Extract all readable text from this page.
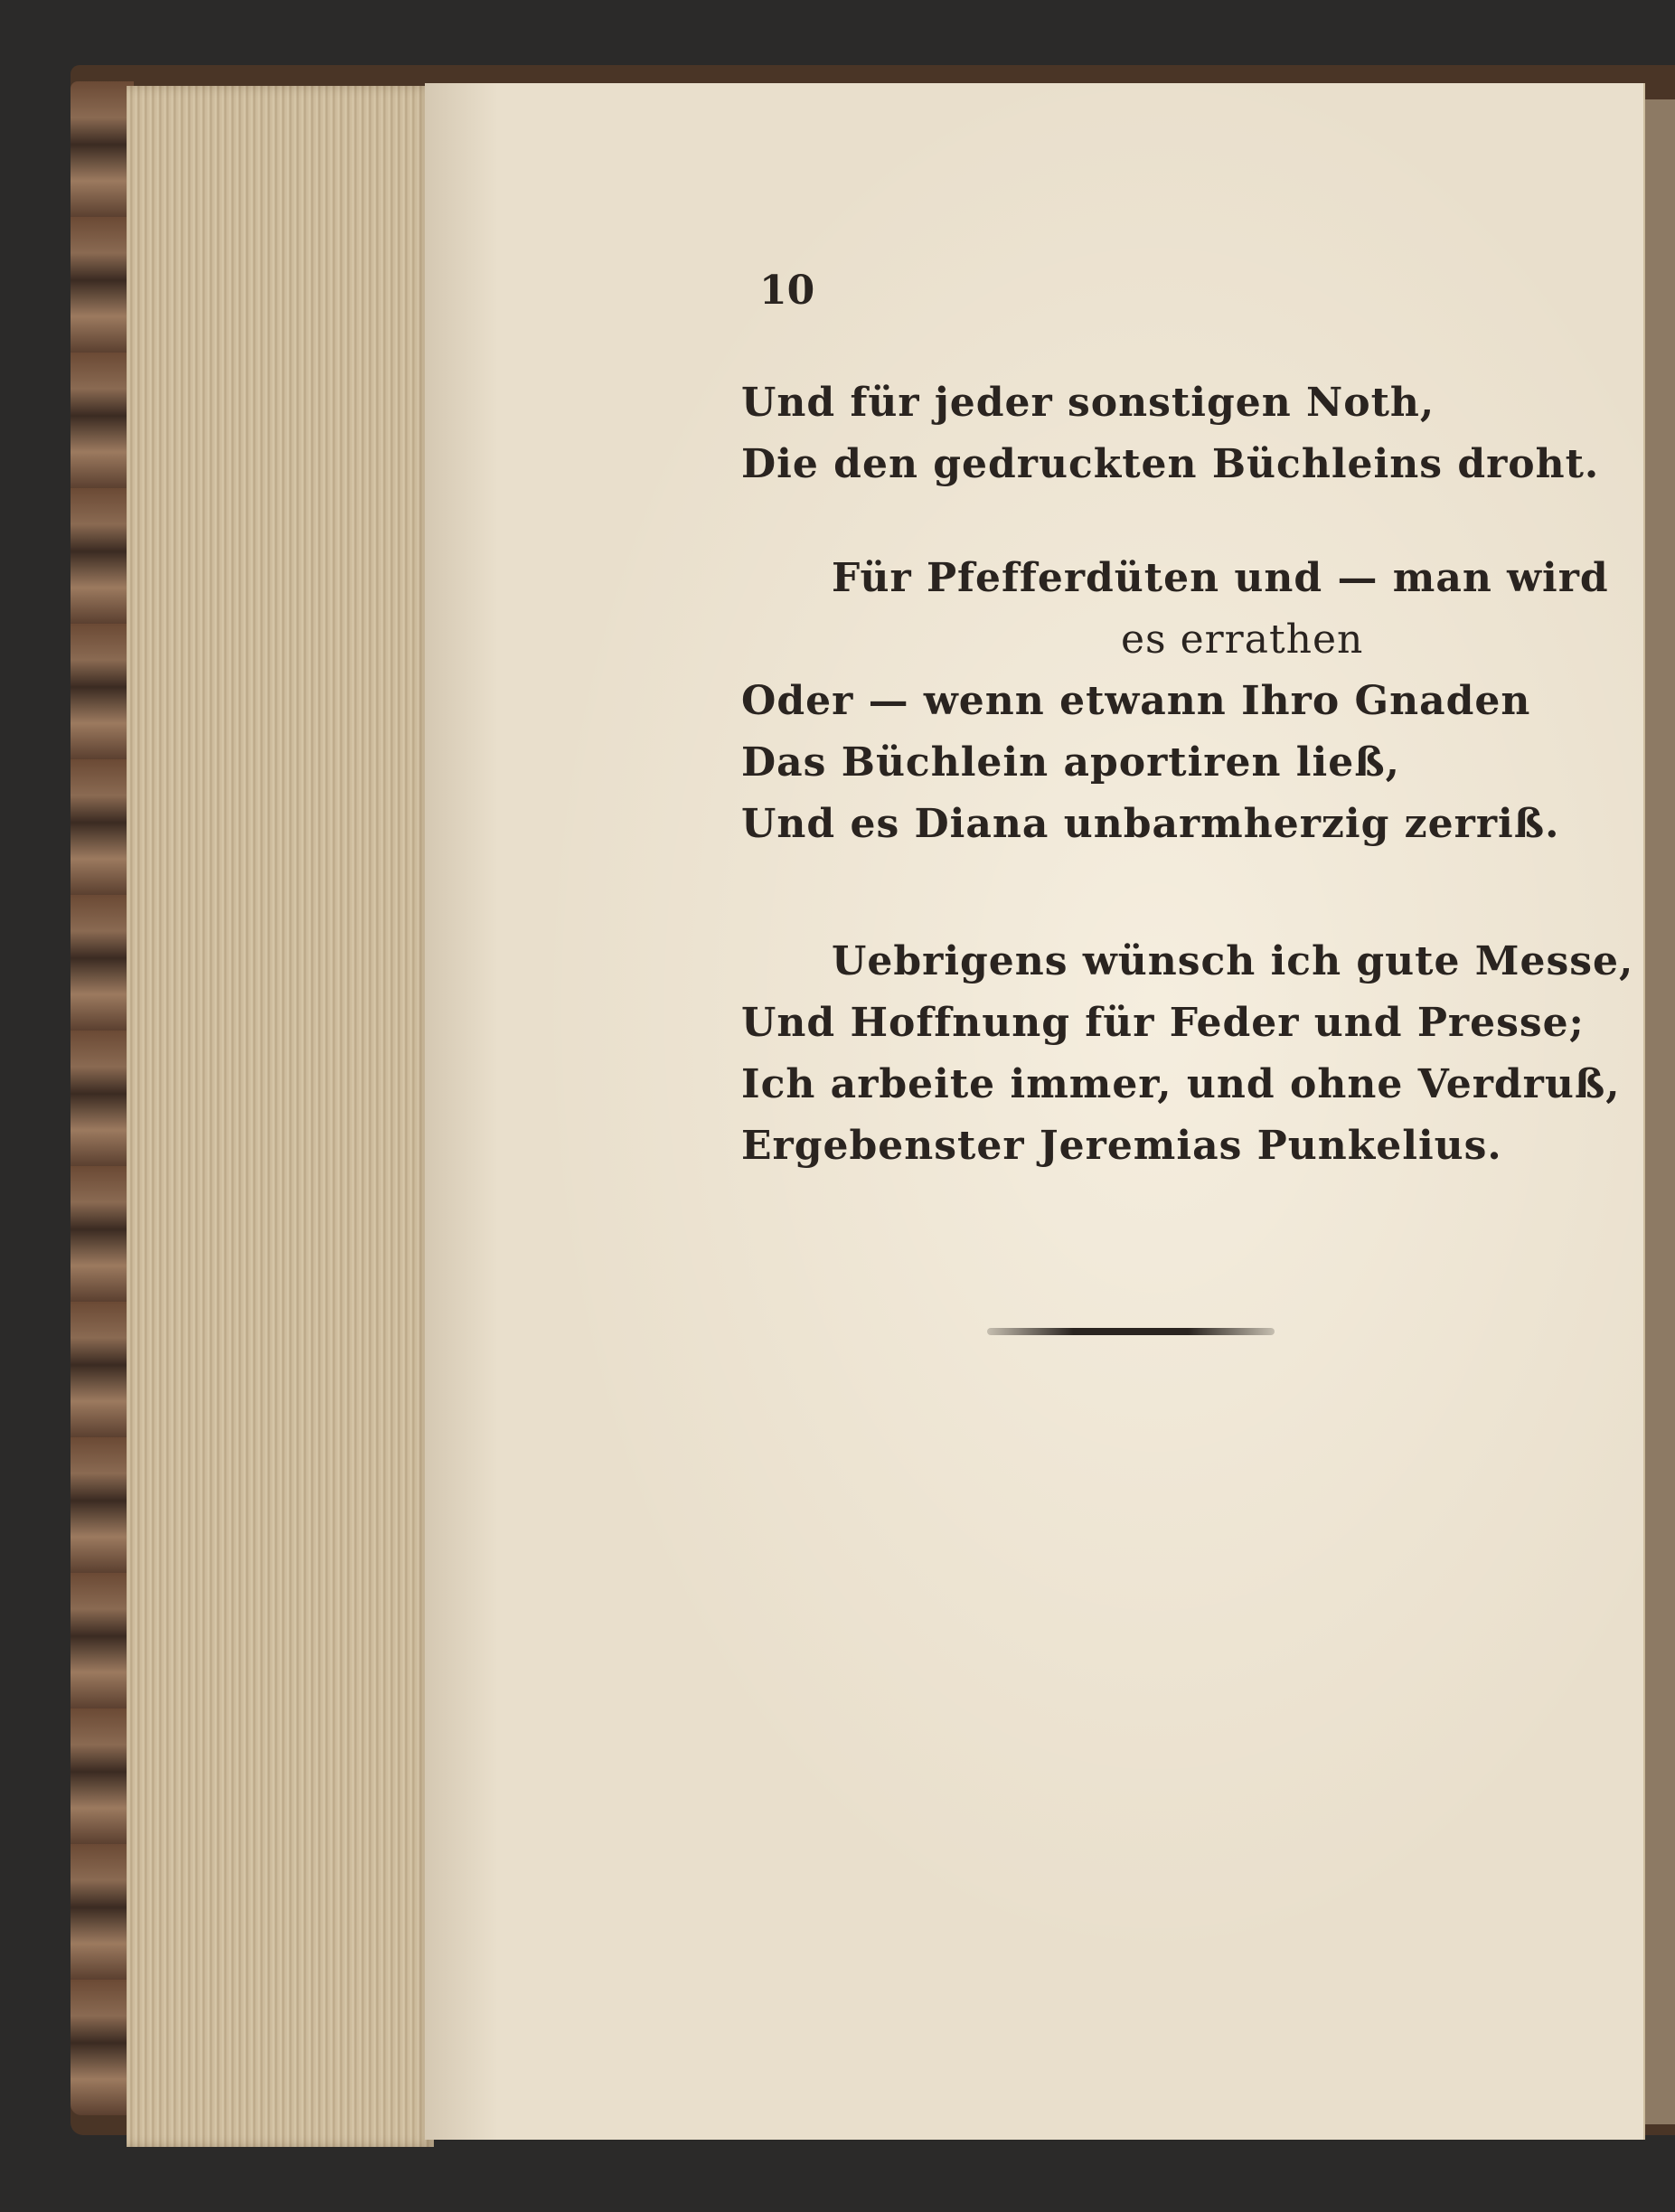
10

Und für jeder sonstigen Noth,
Die den gedruckten Büchleins droht.
Für Pfefferdüten und — man wird
es errathen
Oder — wenn etwann Ihro Gnaden
Das Büchlein aportiren ließ,
Und es Diana unbarmherzig zerriß.
Uebrigens wünsch ich gute Messe,
Und Hoffnung für Feder und Presse;
Ich arbeite immer, und ohne Verdruß,
Ergebenster Jeremias Punkelius.
